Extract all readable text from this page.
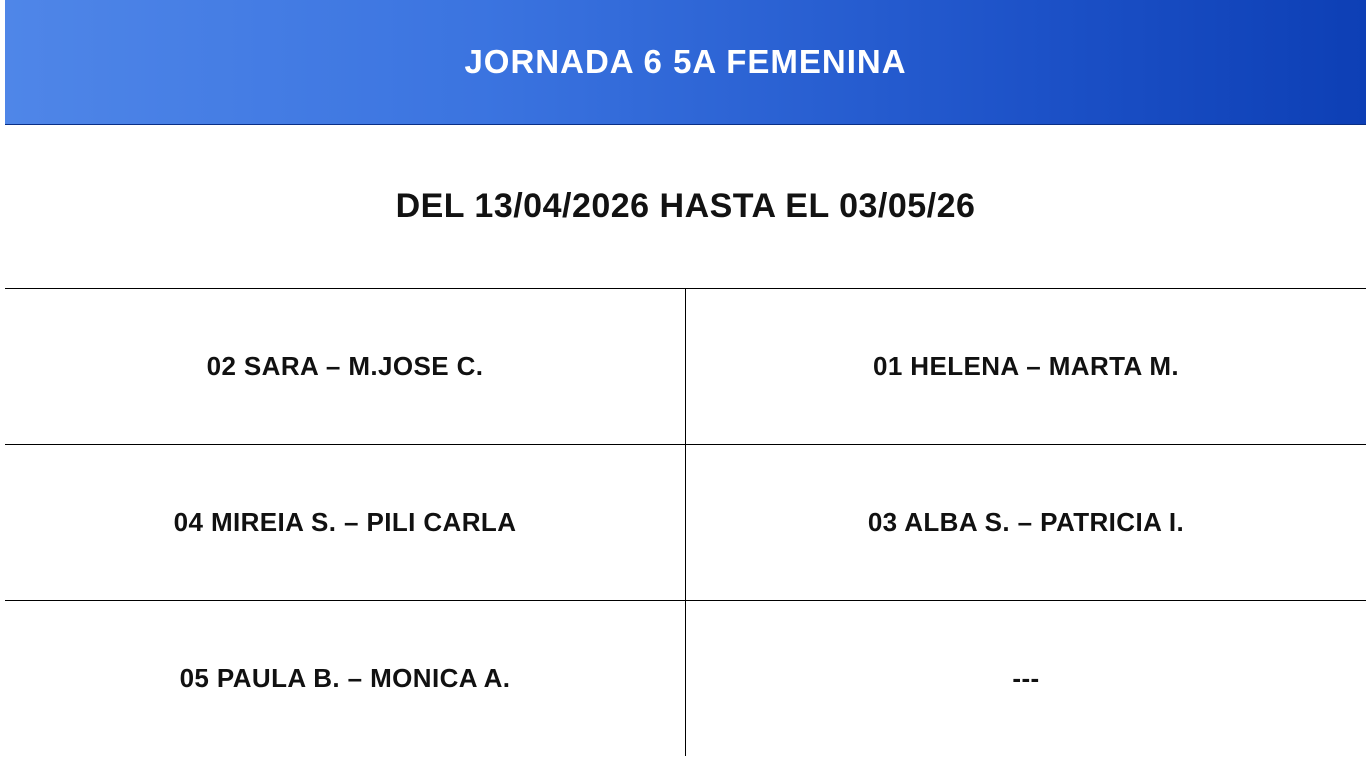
JORNADA 6 5A FEMENINA	
DEL 13/04/2026 HASTA EL 03/05/26	
02 SARA – M.JOSE C.	01 HELENA – MARTA M.
04 MIREIA S. – PILI CARLA	03 ALBA S. – PATRICIA I.
05 PAULA B. – MONICA A.	---
